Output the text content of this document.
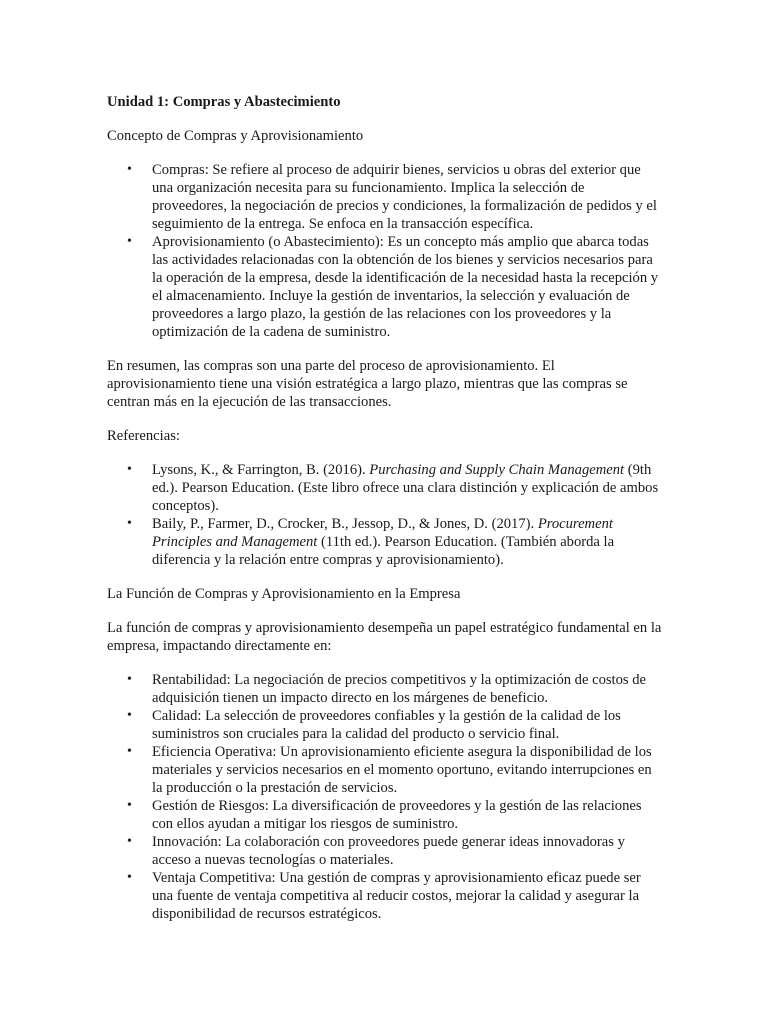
Unidad 1: Compras y Abastecimiento

Concepto de Compras y Aprovisionamiento

• Compras: Se refiere al proceso de adquirir bienes, servicios u obras del exterior que una organización necesita para su funcionamiento. Implica la selección de proveedores, la negociación de precios y condiciones, la formalización de pedidos y el seguimiento de la entrega. Se enfoca en la transacción específica.
• Aprovisionamiento (o Abastecimiento): Es un concepto más amplio que abarca todas las actividades relacionadas con la obtención de los bienes y servicios necesarios para la operación de la empresa, desde la identificación de la necesidad hasta la recepción y el almacenamiento. Incluye la gestión de inventarios, la selección y evaluación de proveedores a largo plazo, la gestión de las relaciones con los proveedores y la optimización de la cadena de suministro.

En resumen, las compras son una parte del proceso de aprovisionamiento. El aprovisionamiento tiene una visión estratégica a largo plazo, mientras que las compras se centran más en la ejecución de las transacciones.

Referencias:

• Lysons, K., & Farrington, B. (2016). Purchasing and Supply Chain Management (9th ed.). Pearson Education. (Este libro ofrece una clara distinción y explicación de ambos conceptos).
• Baily, P., Farmer, D., Crocker, B., Jessop, D., & Jones, D. (2017). Procurement Principles and Management (11th ed.). Pearson Education. (También aborda la diferencia y la relación entre compras y aprovisionamiento).

La Función de Compras y Aprovisionamiento en la Empresa

La función de compras y aprovisionamiento desempeña un papel estratégico fundamental en la empresa, impactando directamente en:

• Rentabilidad: La negociación de precios competitivos y la optimización de costos de adquisición tienen un impacto directo en los márgenes de beneficio.
• Calidad: La selección de proveedores confiables y la gestión de la calidad de los suministros son cruciales para la calidad del producto o servicio final.
• Eficiencia Operativa: Un aprovisionamiento eficiente asegura la disponibilidad de los materiales y servicios necesarios en el momento oportuno, evitando interrupciones en la producción o la prestación de servicios.
• Gestión de Riesgos: La diversificación de proveedores y la gestión de las relaciones con ellos ayudan a mitigar los riesgos de suministro.
• Innovación: La colaboración con proveedores puede generar ideas innovadoras y acceso a nuevas tecnologías o materiales.
• Ventaja Competitiva: Una gestión de compras y aprovisionamiento eficaz puede ser una fuente de ventaja competitiva al reducir costos, mejorar la calidad y asegurar la disponibilidad de recursos estratégicos.
